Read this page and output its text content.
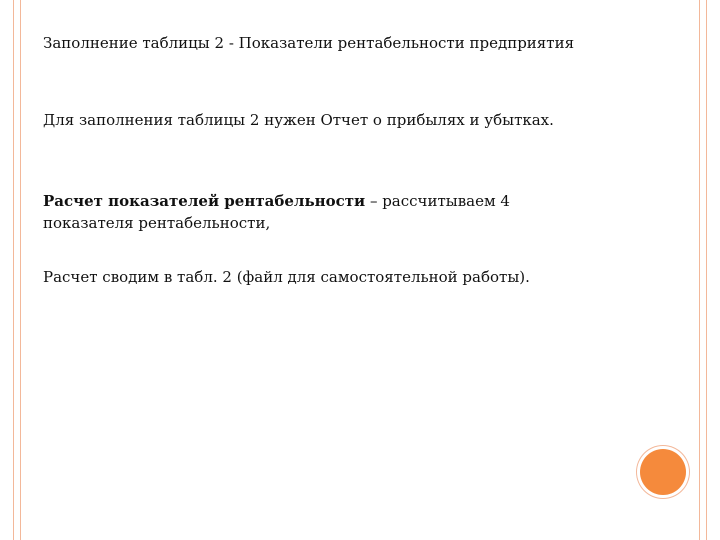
Заполнение таблицы 2 - Показатели рентабельности предприятия

Для заполнения таблицы 2 нужен Отчет о прибылях и убытках.

Расчет показателей рентабельности – рассчитываем 4 показателя рентабельности,

Расчет сводим в табл. 2 (файл для самостоятельной работы).
